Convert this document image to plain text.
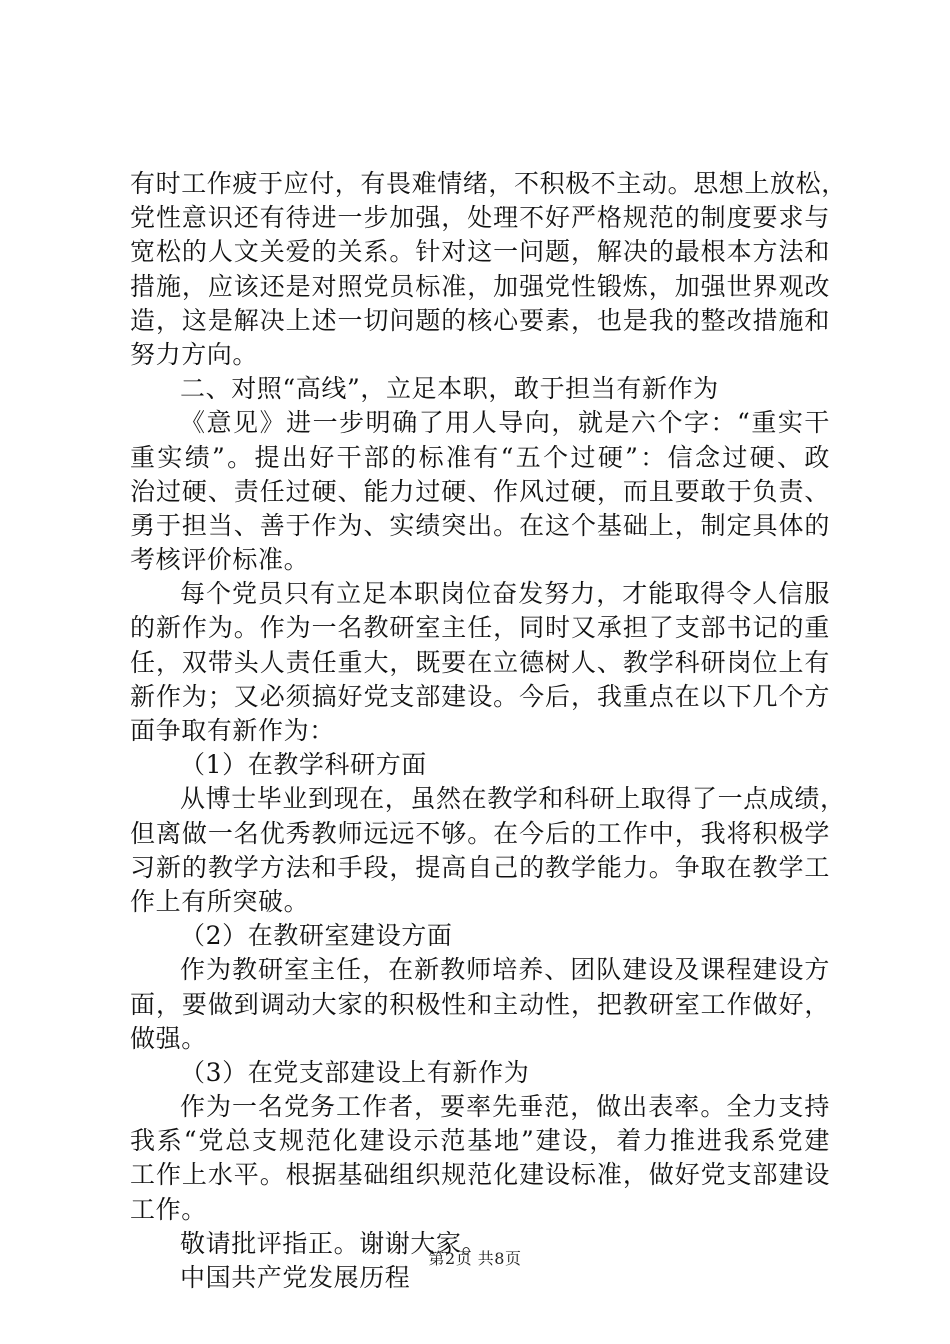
有时工作疲于应付，有畏难情绪，不积极不主动。思想上放松，
党性意识还有待进一步加强，处理不好严格规范的制度要求与
宽松的人文关爱的关系。针对这一问题，解决的最根本方法和
措施，应该还是对照党员标准，加强党性锻炼，加强世界观改
造，这是解决上述一切问题的核心要素，也是我的整改措施和
努力方向。
二、对照“高线”，立足本职，敢于担当有新作为
《意见》进一步明确了用人导向，就是六个字：“重实干
重实绩”。提出好干部的标准有“五个过硬”：信念过硬、政
治过硬、责任过硬、能力过硬、作风过硬，而且要敢于负责、
勇于担当、善于作为、实绩突出。在这个基础上，制定具体的
考核评价标准。
每个党员只有立足本职岗位奋发努力，才能取得令人信服
的新作为。作为一名教研室主任，同时又承担了支部书记的重
任，双带头人责任重大，既要在立德树人、教学科研岗位上有
新作为；又必须搞好党支部建设。今后，我重点在以下几个方
面争取有新作为：
（1）在教学科研方面
从博士毕业到现在，虽然在教学和科研上取得了一点成绩，
但离做一名优秀教师远远不够。在今后的工作中，我将积极学
习新的教学方法和手段，提高自己的教学能力。争取在教学工
作上有所突破。
（2）在教研室建设方面
作为教研室主任，在新教师培养、团队建设及课程建设方
面，要做到调动大家的积极性和主动性，把教研室工作做好，
做强。
（3）在党支部建设上有新作为
作为一名党务工作者，要率先垂范，做出表率。全力支持
我系“党总支规范化建设示范基地”建设，着力推进我系党建
工作上水平。根据基础组织规范化建设标准，做好党支部建设
工作。
敬请批评指正。谢谢大家。
中国共产党发展历程
第2页 共8页
